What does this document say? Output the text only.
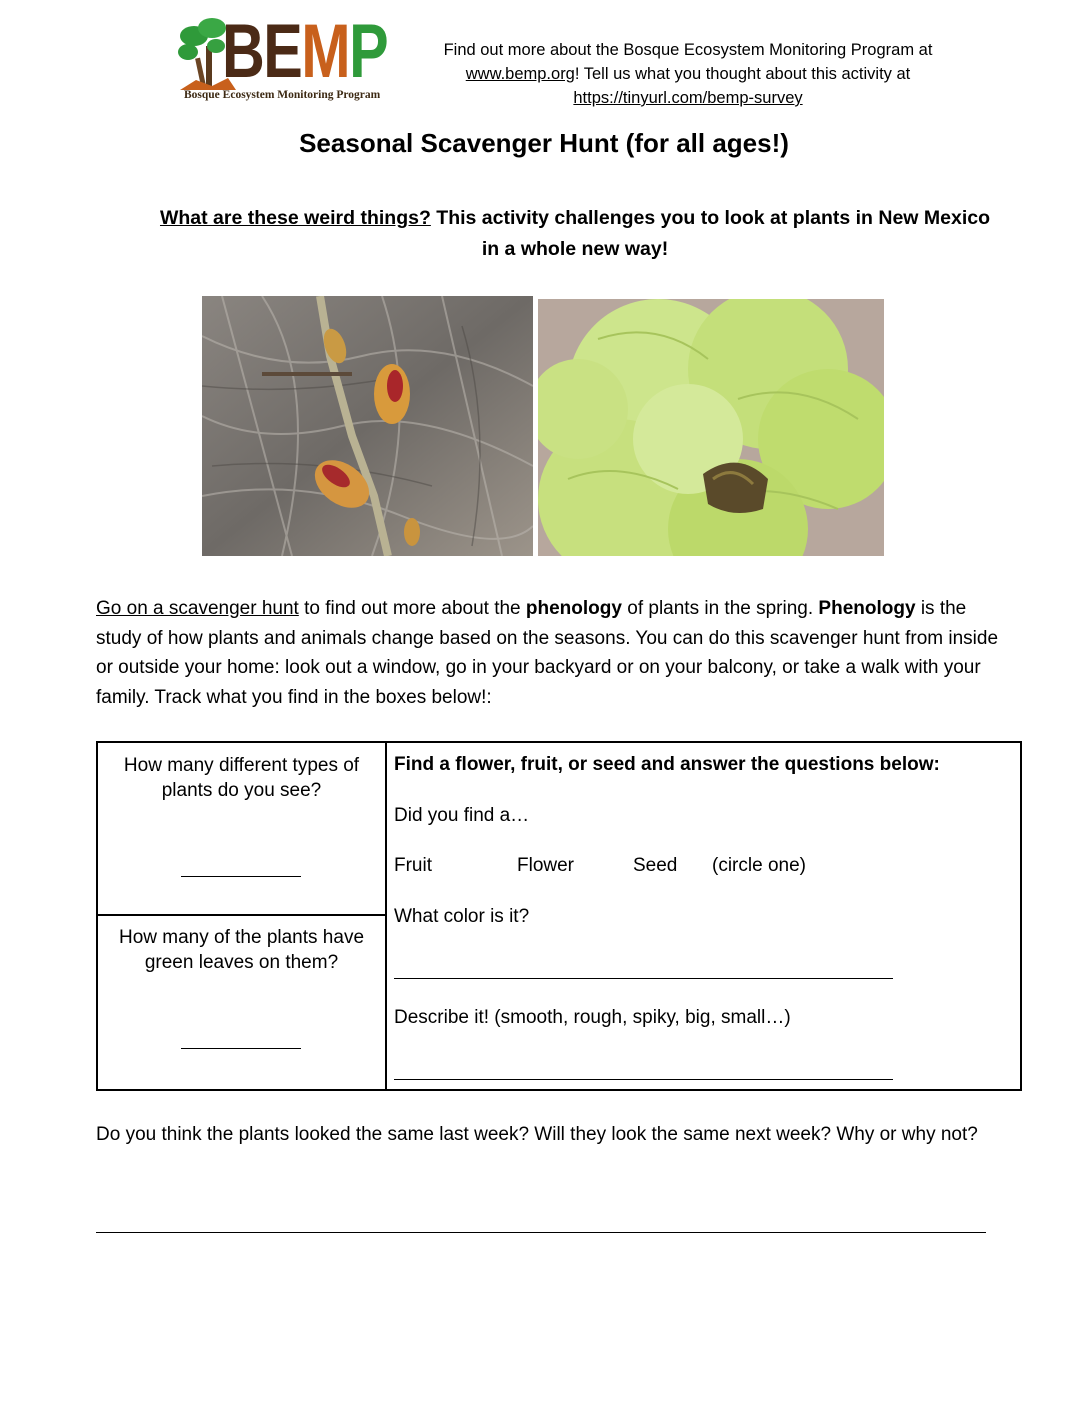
BEMP
Bosque Ecosystem Monitoring Program
Find out more about the Bosque Ecosystem Monitoring Program at
www.bemp.org! Tell us what you thought about this activity at
https://tinyurl.com/bemp-survey
Seasonal Scavenger Hunt (for all ages!)
What are these weird things? This activity challenges you to look at plants in New Mexico in a whole new way!
Go on a scavenger hunt to find out more about the phenology of plants in the spring. Phenology is the study of how plants and animals change based on the seasons. You can do this scavenger hunt from inside or outside your home: look out a window, go in your backyard or on your balcony, or take a walk with your family. Track what you find in the boxes below!:
How many different types of plants do you see?
How many of the plants have green leaves on them?
Find a flower, fruit, or seed and answer the questions below:
Did you find a…
Fruit	Flower	Seed (circle one)
What color is it?
Describe it! (smooth, rough, spiky, big, small…)
Do you think the plants looked the same last week? Will they look the same next week? Why or why not?
